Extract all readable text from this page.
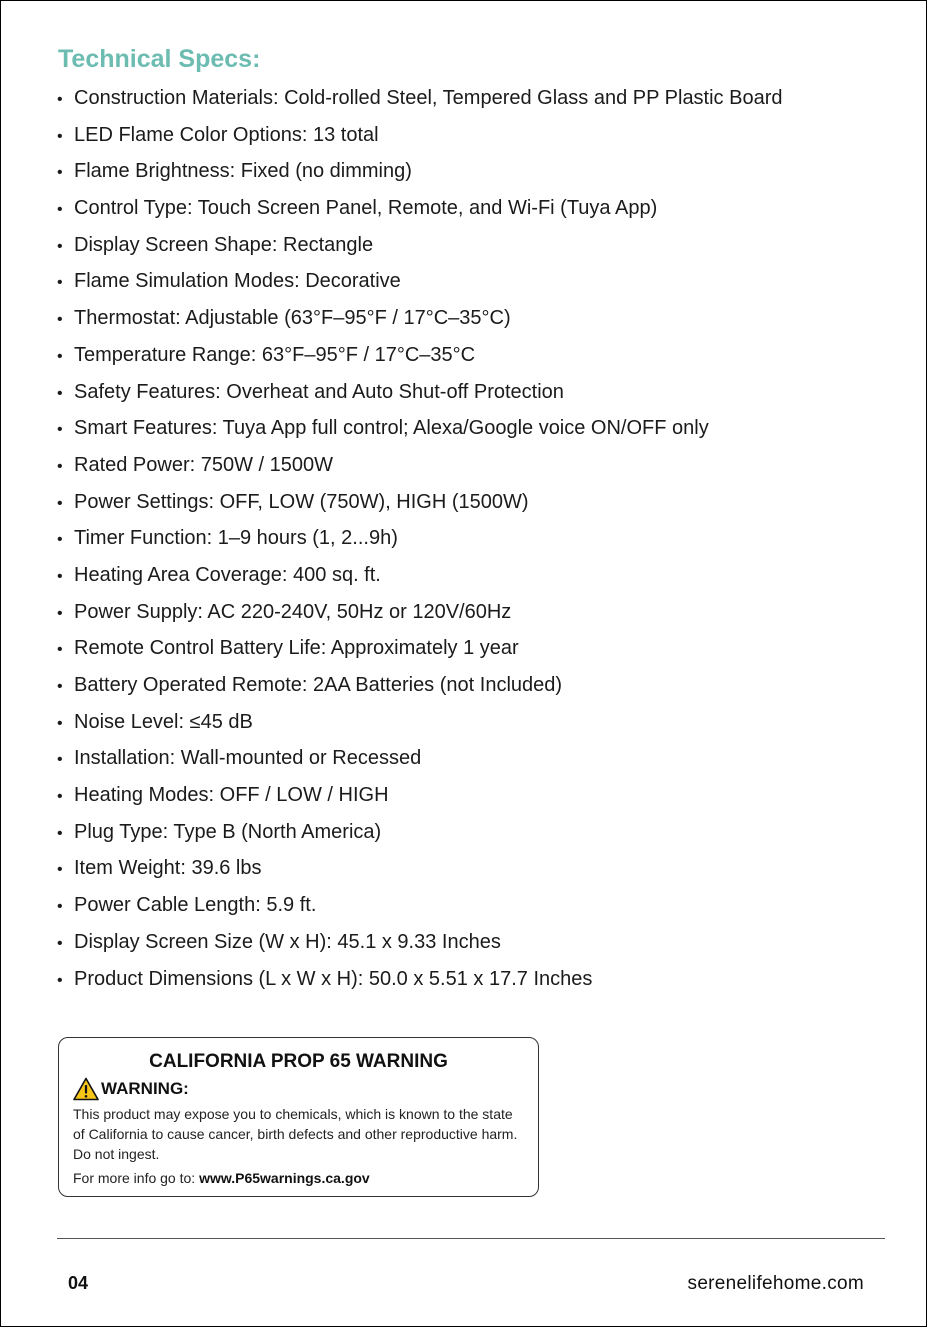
Technical Specs:
• Construction Materials: Cold-rolled Steel, Tempered Glass and PP Plastic Board
• LED Flame Color Options: 13 total
• Flame Brightness: Fixed (no dimming)
• Control Type: Touch Screen Panel, Remote, and Wi-Fi (Tuya App)
• Display Screen Shape: Rectangle
• Flame Simulation Modes: Decorative
• Thermostat: Adjustable (63°F–95°F / 17°C–35°C)
• Temperature Range: 63°F–95°F / 17°C–35°C
• Safety Features: Overheat and Auto Shut-off Protection
• Smart Features: Tuya App full control; Alexa/Google voice ON/OFF only
• Rated Power: 750W / 1500W
• Power Settings: OFF, LOW (750W), HIGH (1500W)
• Timer Function: 1–9 hours (1, 2...9h)
• Heating Area Coverage: 400 sq. ft.
• Power Supply: AC 220-240V, 50Hz or 120V/60Hz
• Remote Control Battery Life: Approximately 1 year
• Battery Operated Remote: 2AA Batteries (not Included)
• Noise Level: ≤45 dB
• Installation: Wall-mounted or Recessed
• Heating Modes: OFF / LOW / HIGH
• Plug Type: Type B (North America)
• Item Weight: 39.6 lbs
• Power Cable Length: 5.9 ft.
• Display Screen Size (W x H): 45.1 x 9.33 Inches
• Product Dimensions (L x W x H): 50.0 x 5.51 x 17.7 Inches
CALIFORNIA PROP 65 WARNING
WARNING:

This product may expose you to chemicals, which is known to the state of California to cause cancer, birth defects and other reproductive harm. Do not ingest.

For more info go to: www.P65warnings.ca.gov

04	serenelifehome.com
